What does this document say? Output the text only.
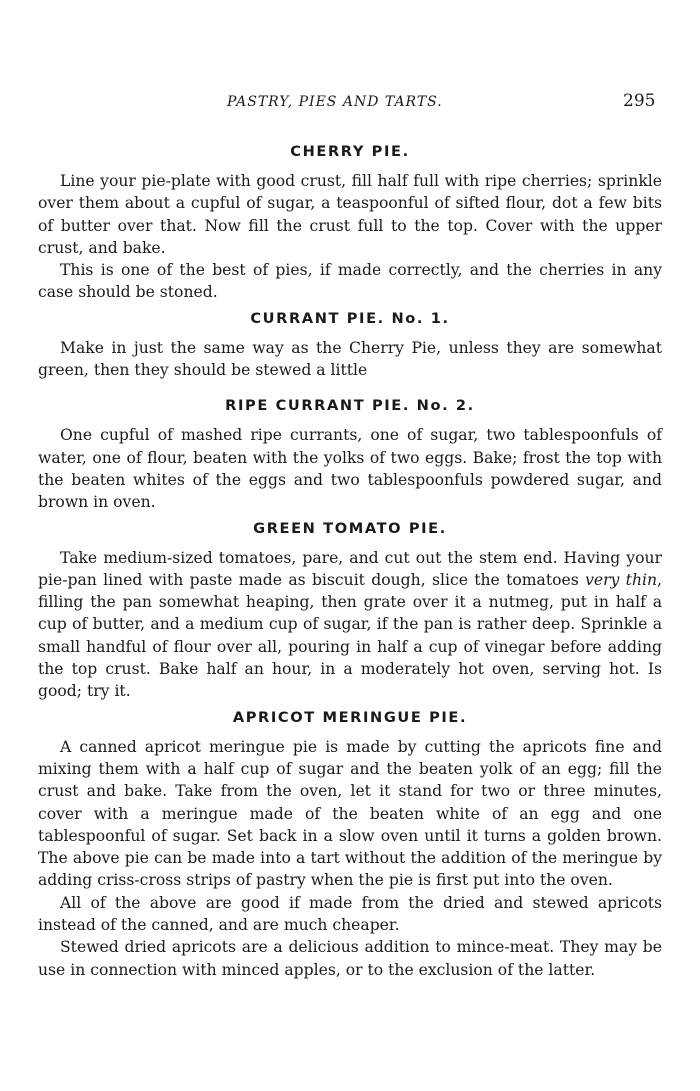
PASTRY, PIES AND TARTS.	295
CHERRY PIE.

Line your pie-plate with good crust, fill half full with ripe cherries; sprinkle over them about a cupful of sugar, a teaspoonful of sifted flour, dot a few bits of butter over that. Now fill the crust full to the top. Cover with the upper crust, and bake.

This is one of the best of pies, if made correctly, and the cherries in any case should be stoned.

CURRANT PIE. No. 1.

Make in just the same way as the Cherry Pie, unless they are somewhat green, then they should be stewed a little

RIPE CURRANT PIE. No. 2.

One cupful of mashed ripe currants, one of sugar, two tablespoonfuls of water, one of flour, beaten with the yolks of two eggs. Bake; frost the top with the beaten whites of the eggs and two tablespoonfuls powdered sugar, and brown in oven.

GREEN TOMATO PIE.

Take medium-sized tomatoes, pare, and cut out the stem end. Having your pie-pan lined with paste made as biscuit dough, slice the tomatoes very thin, filling the pan somewhat heaping, then grate over it a nutmeg, put in half a cup of butter, and a medium cup of sugar, if the pan is rather deep. Sprinkle a small handful of flour over all, pouring in half a cup of vinegar before adding the top crust. Bake half an hour, in a moderately hot oven, serving hot. Is good; try it.

APRICOT MERINGUE PIE.

A canned apricot meringue pie is made by cutting the apricots fine and mixing them with a half cup of sugar and the beaten yolk of an egg; fill the crust and bake. Take from the oven, let it stand for two or three minutes, cover with a meringue made of the beaten white of an egg and one tablespoonful of sugar. Set back in a slow oven until it turns a golden brown. The above pie can be made into a tart without the addition of the meringue by adding criss-cross strips of pastry when the pie is first put into the oven.

All of the above are good if made from the dried and stewed apricots instead of the canned, and are much cheaper.

Stewed dried apricots are a delicious addition to mince-meat. They may be use in connection with minced apples, or to the exclusion of the latter.
